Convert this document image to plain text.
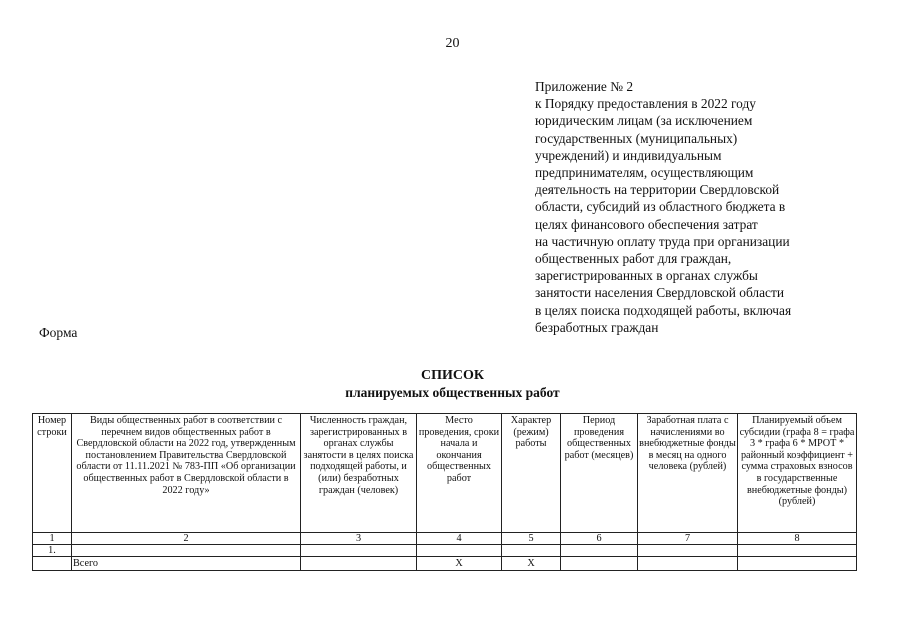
20
Приложение № 2
к Порядку предоставления в 2022 году
юридическим лицам (за исключением
государственных (муниципальных)
учреждений) и индивидуальным
предпринимателям, осуществляющим
деятельность на территории Свердловской
области, субсидий из областного бюджета в
целях финансового обеспечения затрат
на частичную оплату труда при организации
общественных работ для граждан,
зарегистрированных в органах службы
занятости населения Свердловской области
в целях поиска подходящей работы, включая
безработных граждан
Форма
СПИСОК
планируемых общественных работ
Номер строки	Виды общественных работ в соответствии с перечнем видов общественных работ в Свердловской области на 2022 год, утвержденным постановлением Правительства Свердловской области от 11.11.2021 № 783-ПП «Об организации общественных работ в Свердловской области в 2022 году»	Численность граждан, зарегистрированных в органах службы занятости в целях поиска подходящей работы, и (или) безработных граждан (человек)	Место проведения, сроки начала и окончания общественных работ	Характер (режим) работы	Период проведения общественных работ (месяцев)	Заработная плата с начислениями во внебюджетные фонды в месяц на одного человека (рублей)	Планируемый объем субсидии (графа 8 = графа 3 * графа 6 * МРОТ * районный коэффициент + сумма страховых взносов в государственные внебюджетные фонды) (рублей)
1	2	3	4	5	6	7	8
1.							
	Всего		X	X			
